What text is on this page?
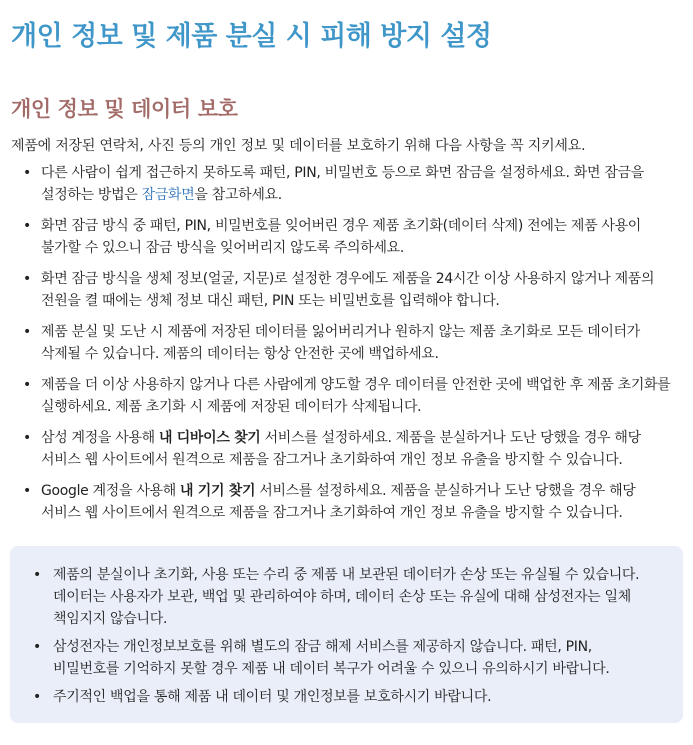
개인 정보 및 제품 분실 시 피해 방지 설정
개인 정보 및 데이터 보호
제품에 저장된 연락처, 사진 등의 개인 정보 및 데이터를 보호하기 위해 다음 사항을 꼭 지키세요.
• 다른 사람이 쉽게 접근하지 못하도록 패턴, PIN, 비밀번호 등으로 화면 잠금을 설정하세요. 화면 잠금을
설정하는 방법은 잠금화면을 참고하세요.
• 화면 잠금 방식 중 패턴, PIN, 비밀번호를 잊어버린 경우 제품 초기화(데이터 삭제) 전에는 제품 사용이
불가할 수 있으니 잠금 방식을 잊어버리지 않도록 주의하세요.
• 화면 잠금 방식을 생체 정보(얼굴, 지문)로 설정한 경우에도 제품을 24시간 이상 사용하지 않거나 제품의
전원을 켤 때에는 생체 정보 대신 패턴, PIN 또는 비밀번호를 입력해야 합니다.
• 제품 분실 및 도난 시 제품에 저장된 데이터를 잃어버리거나 원하지 않는 제품 초기화로 모든 데이터가
삭제될 수 있습니다. 제품의 데이터는 항상 안전한 곳에 백업하세요.
• 제품을 더 이상 사용하지 않거나 다른 사람에게 양도할 경우 데이터를 안전한 곳에 백업한 후 제품 초기화를
실행하세요. 제품 초기화 시 제품에 저장된 데이터가 삭제됩니다.
• 삼성 계정을 사용해 내 디바이스 찾기 서비스를 설정하세요. 제품을 분실하거나 도난 당했을 경우 해당
서비스 웹 사이트에서 원격으로 제품을 잠그거나 초기화하여 개인 정보 유출을 방지할 수 있습니다.
• Google 계정을 사용해 내 기기 찾기 서비스를 설정하세요. 제품을 분실하거나 도난 당했을 경우 해당
서비스 웹 사이트에서 원격으로 제품을 잠그거나 초기화하여 개인 정보 유출을 방지할 수 있습니다.
• 제품의 분실이나 초기화, 사용 또는 수리 중 제품 내 보관된 데이터가 손상 또는 유실될 수 있습니다.
데이터는 사용자가 보관, 백업 및 관리하여야 하며, 데이터 손상 또는 유실에 대해 삼성전자는 일체
책임지지 않습니다.
• 삼성전자는 개인정보보호를 위해 별도의 잠금 해제 서비스를 제공하지 않습니다. 패턴, PIN,
비밀번호를 기억하지 못할 경우 제품 내 데이터 복구가 어려울 수 있으니 유의하시기 바랍니다.
• 주기적인 백업을 통해 제품 내 데이터 및 개인정보를 보호하시기 바랍니다.
